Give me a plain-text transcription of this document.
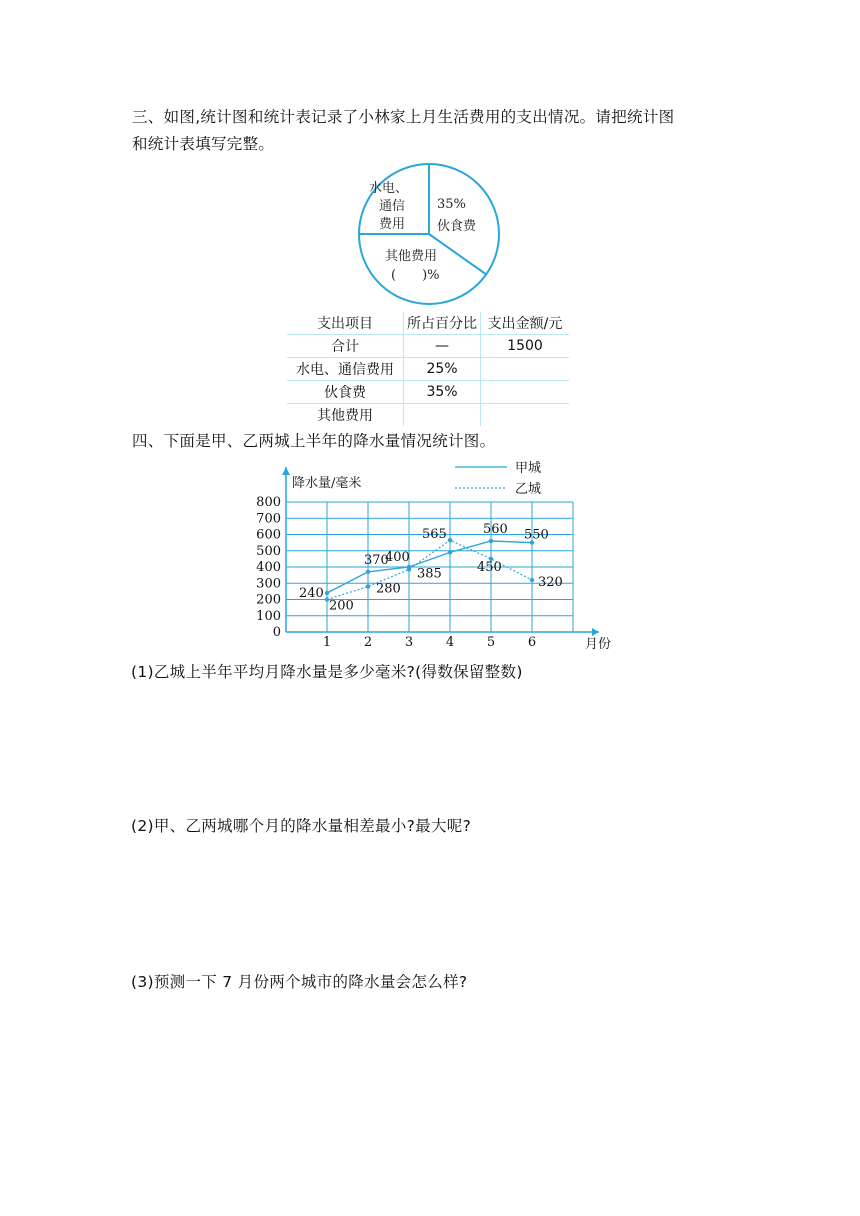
三、如图,统计图和统计表记录了小林家上月生活费用的支出情况。请把统计图
和统计表填写完整。
水电、
通信
费用
35%
伙食费
其他费用
(　　)%
支出项目	所占百分比	支出金额/元
合计	—	1500
水电、通信费用	25%	
伙食费	35%	
其他费用		
四、下面是甲、乙两城上半年的降水量情况统计图。
0
100
200
300
400
500
600
700
800
1	2	3	4	5	6	月份
降水量/毫米
240
370
400
560 550
200
280
385
565
450
320
甲城
乙城
(1)乙城上半年平均月降水量是多少毫米?(得数保留整数)
(2)甲、乙两城哪个月的降水量相差最小?最大呢?
(3)预测一下 7 月份两个城市的降水量会怎么样?
